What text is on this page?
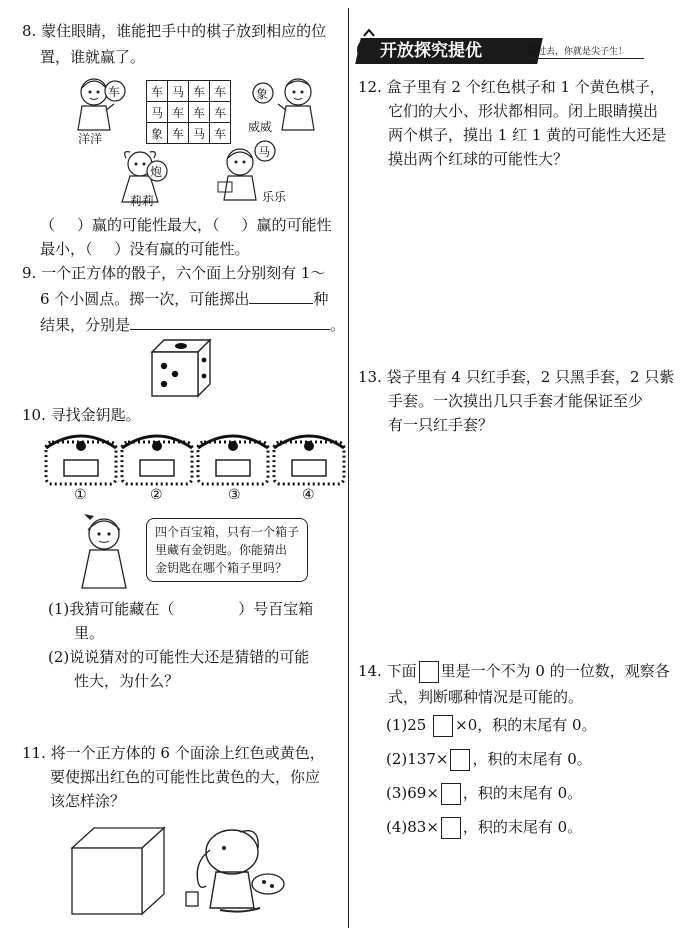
8. 蒙住眼睛，谁能把手中的棋子放到相应的位
置，谁就赢了。
车
洋洋
象
威威
车	马	车	车
马	车	车	车
象	车	马	车
炮
莉莉
马
乐乐
（ ）赢的可能性最大，（ ）赢的可能性
最小，（ ）没有赢的可能性。
9. 一个正方体的骰子，六个面上分别刻有 1～
6 个小圆点。掷一次，可能掷出	种
结果，分别是	。
10. 寻找金钥匙。
①	②	③	④
四个百宝箱，只有一个箱子
里藏有金钥匙。你能猜出
金钥匙在哪个箱子里吗？
(1)我猜可能藏在（	）号百宝箱
里。
(2)说说猜对的可能性大还是猜错的可能
性大，为什么？
11. 将一个正方体的 6 个面涂上红色或黄色，
要使掷出红色的可能性比黄色的大，你应
该怎样涂？
开放探究提优	跃过去，你就是尖子生！
12. 盒子里有 2 个红色棋子和 1 个黄色棋子，
它们的大小、形状都相同。闭上眼睛摸出
两个棋子，摸出 1 红 1 黄的可能性大还是
摸出两个红球的可能性大？
13. 袋子里有 4 只红手套，2 只黑手套，2 只紫
手套。一次摸出几只手套才能保证至少
有一只红手套？
14. 下面 里是一个不为 0 的一位数，观察各
式，判断哪种情况是可能的。
(1)25 ×0，积的末尾有 0。
(2)137× ，积的末尾有 0。
(3)69× ，积的末尾有 0。
(4)83× ，积的末尾有 0。
